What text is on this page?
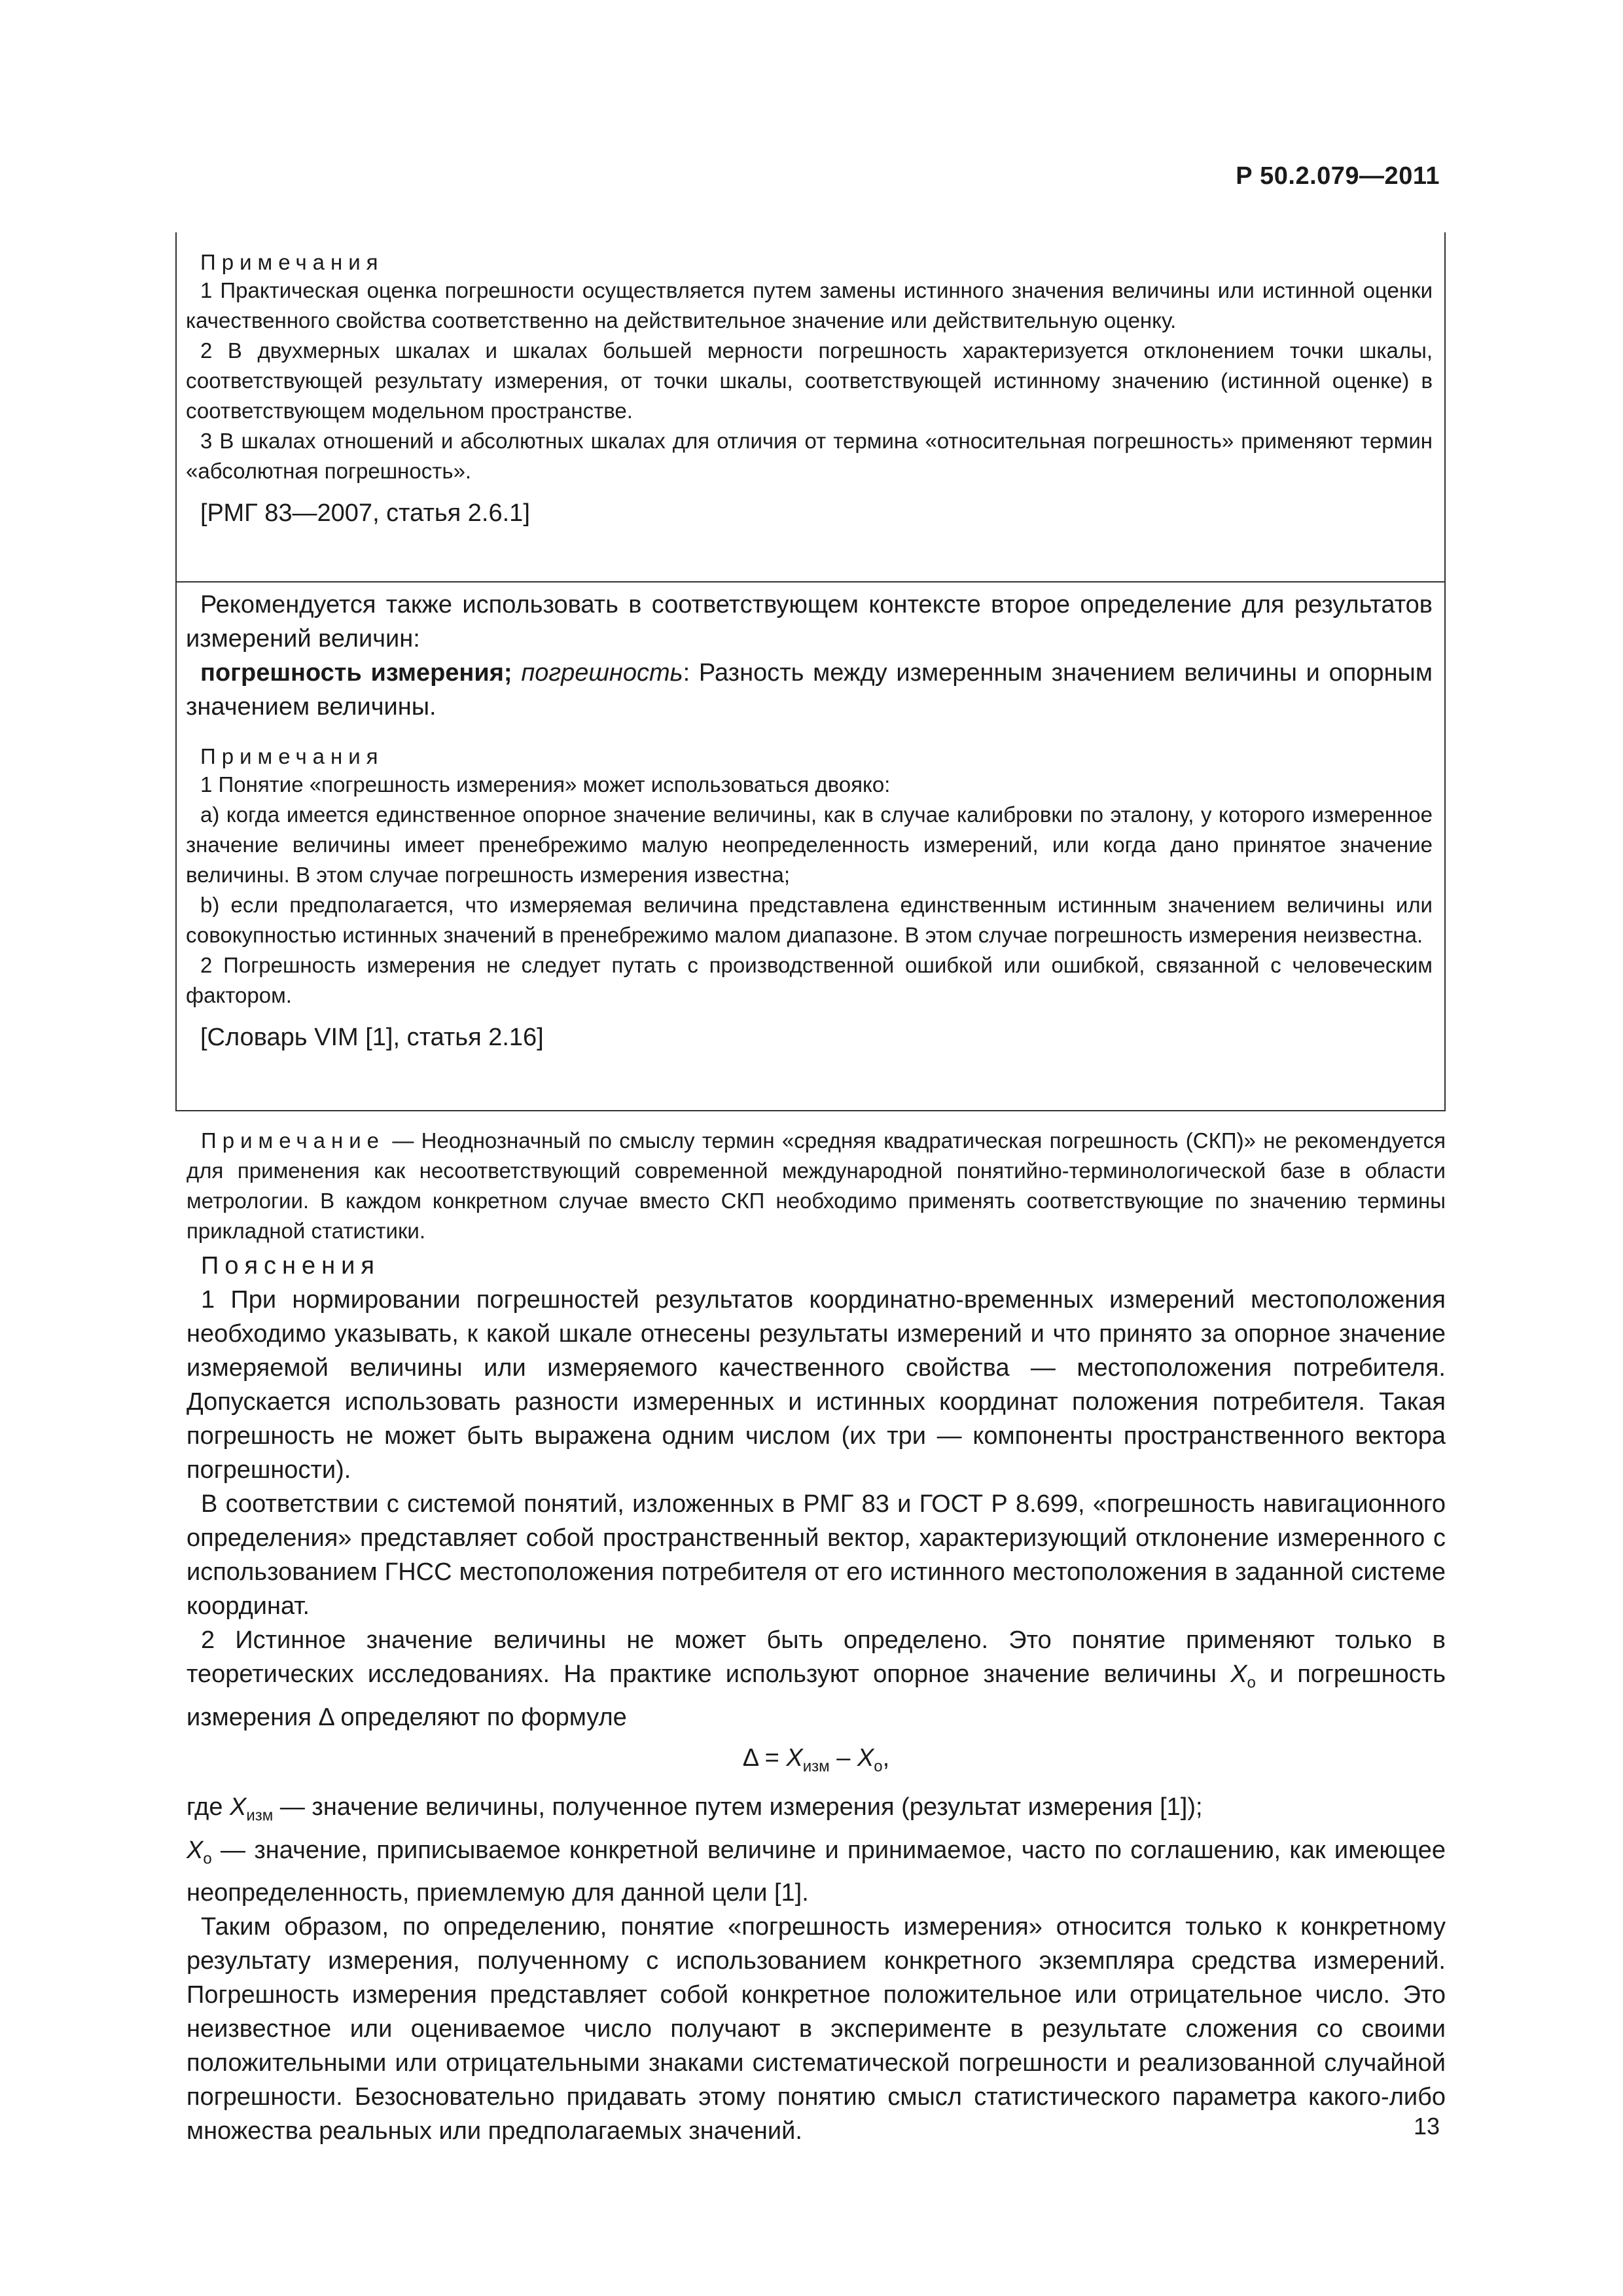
Р 50.2.079—2011

Примечания

1 Практическая оценка погрешности осуществляется путем замены истинного значения величины или истинной оценки качественного свойства соответственно на действительное значение или действительную оценку.

2 В двухмерных шкалах и шкалах большей мерности погрешность характеризуется отклонением точки шкалы, соответствующей результату измерения, от точки шкалы, соответствующей истинному значению (истинной оценке) в соответствующем модельном пространстве.

3 В шкалах отношений и абсолютных шкалах для отличия от термина «относительная погрешность» применяют термин «абсолютная погрешность».

[РМГ 83—2007, статья 2.6.1]

Рекомендуется также использовать в соответствующем контексте второе определение для результатов измерений величин:

погрешность измерения; погрешность: Разность между измеренным значением величины и опорным значением величины.

Примечания

1 Понятие «погрешность измерения» может использоваться двояко:

а) когда имеется единственное опорное значение величины, как в случае калибровки по эталону, у которого измеренное значение величины имеет пренебрежимо малую неопределенность измерений, или когда дано принятое значение величины. В этом случае погрешность измерения известна;

b) если предполагается, что измеряемая величина представлена единственным истинным значением величины или совокупностью истинных значений в пренебрежимо малом диапазоне. В этом случае погрешность измерения неизвестна.

2 Погрешность измерения не следует путать с производственной ошибкой или ошибкой, связанной с человеческим фактором.

[Словарь VIM [1], статья 2.16]

Примечание — Неоднозначный по смыслу термин «средняя квадратическая погрешность (СКП)» не рекомендуется для применения как несоответствующий современной международной понятийно-терминологической базе в области метрологии. В каждом конкретном случае вместо СКП необходимо применять соответствующие по значению термины прикладной статистики.

Пояснения

1 При нормировании погрешностей результатов координатно-временных измерений местоположения необходимо указывать, к какой шкале отнесены результаты измерений и что принято за опорное значение измеряемой величины или измеряемого качественного свойства — местоположения потребителя. Допускается использовать разности измеренных и истинных координат положения потребителя. Такая погрешность не может быть выражена одним числом (их три — компоненты пространственного вектора погрешности).

В соответствии с системой понятий, изложенных в РМГ 83 и ГОСТ Р 8.699, «погрешность навигационного определения» представляет собой пространственный вектор, характеризующий отклонение измеренного с использованием ГНСС местоположения потребителя от его истинного местоположения в заданной системе координат.

2 Истинное значение величины не может быть определено. Это понятие применяют только в теоретических исследованиях. На практике используют опорное значение величины $X_о$ и погрешность измерения Δ определяют по формуле

$\Delta = X_{изм} - X_о$,

где $X_{изм}$ — значение величины, полученное путем измерения (результат измерения [1]);

$X_о$ — значение, приписываемое конкретной величине и принимаемое, часто по соглашению, как имеющее неопределенность, приемлемую для данной цели [1].

Таким образом, по определению, понятие «погрешность измерения» относится только к конкретному результату измерения, полученному с использованием конкретного экземпляра средства измерений. Погрешность измерения представляет собой конкретное положительное или отрицательное число. Это неизвестное или оцениваемое число получают в эксперименте в результате сложения со своими положительными или отрицательными знаками систематической погрешности и реализованной случайной погрешности. Безосновательно придавать этому понятию смысл статистического параметра какого-либо множества реальных или предполагаемых значений.	13
